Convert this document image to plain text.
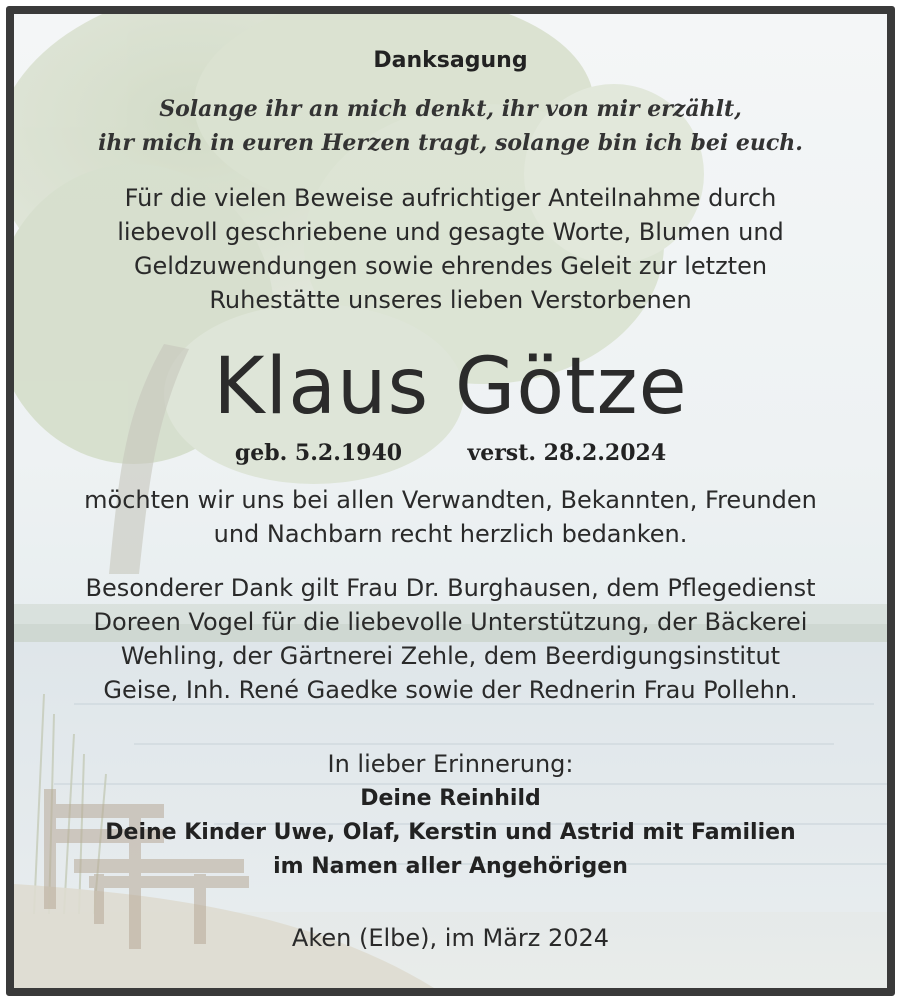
Danksagung
Solange ihr an mich denkt, ihr von mir erzählt,
ihr mich in euren Herzen tragt, solange bin ich bei euch.
Für die vielen Beweise aufrichtiger Anteilnahme durch
liebevoll geschriebene und gesagte Worte, Blumen und
Geldzuwendungen sowie ehrendes Geleit zur letzten
Ruhestätte unseres lieben Verstorbenen
Klaus Götze
geb. 5.2.1940	verst. 28.2.2024
möchten wir uns bei allen Verwandten, Bekannten, Freunden
und Nachbarn recht herzlich bedanken.
Besonderer Dank gilt Frau Dr. Burghausen, dem Pflegedienst
Doreen Vogel für die liebevolle Unterstützung, der Bäckerei
Wehling, der Gärtnerei Zehle, dem Beerdigungsinstitut
Geise, Inh. René Gaedke sowie der Rednerin Frau Pollehn.
In lieber Erinnerung:
Deine Reinhild
Deine Kinder Uwe, Olaf, Kerstin und Astrid mit Familien
im Namen aller Angehörigen
Aken (Elbe), im März 2024
